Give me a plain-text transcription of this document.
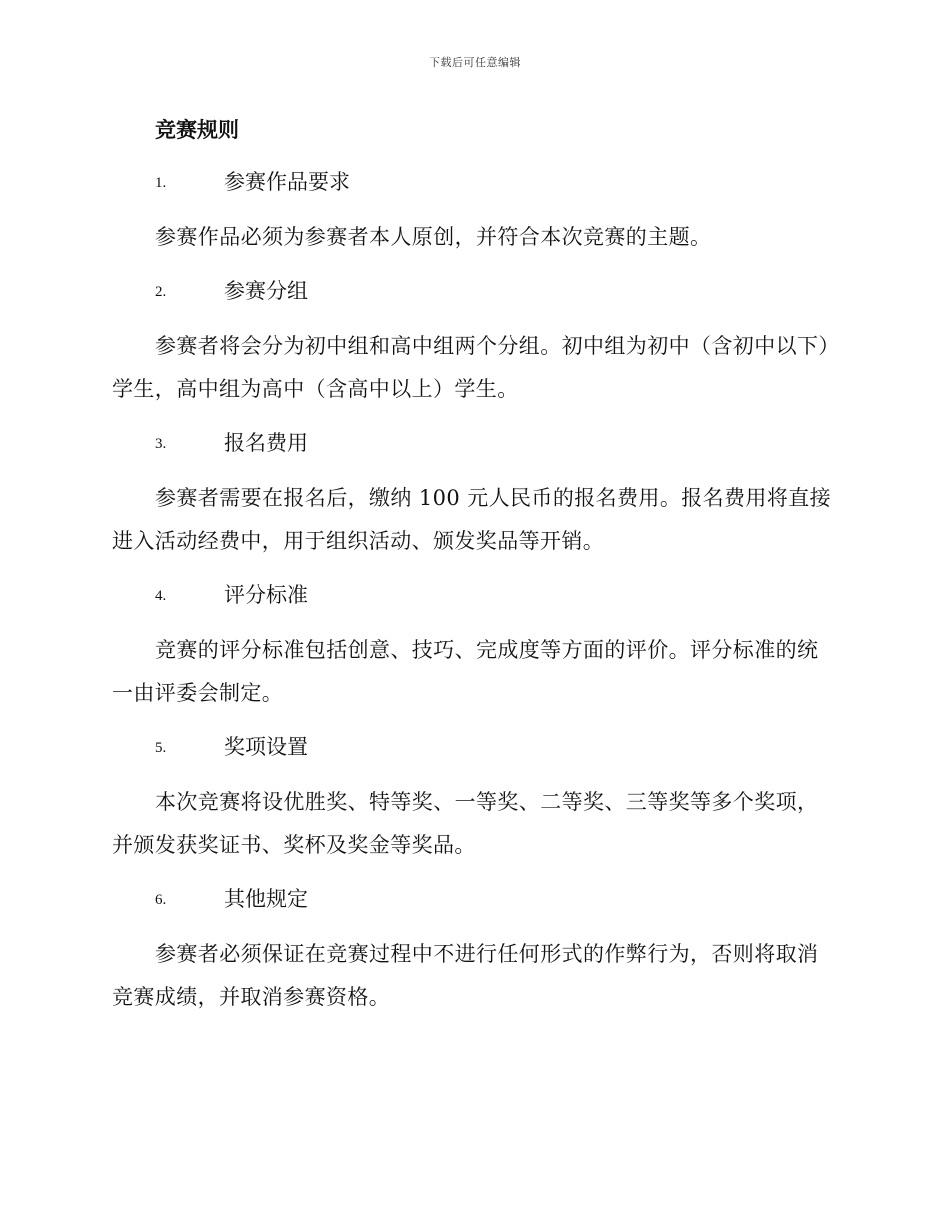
下载后可任意编辑
竞赛规则
1.	参赛作品要求

参赛作品必须为参赛者本人原创，并符合本次竞赛的主题。

2.	参赛分组

参赛者将会分为初中组和高中组两个分组。初中组为初中（含初中以下）学生，高中组为高中（含高中以上）学生。

3.	报名费用

参赛者需要在报名后，缴纳 100 元人民币的报名费用。报名费用将直接进入活动经费中，用于组织活动、颁发奖品等开销。

4.	评分标准

竞赛的评分标准包括创意、技巧、完成度等方面的评价。评分标准的统一由评委会制定。

5.	奖项设置

本次竞赛将设优胜奖、特等奖、一等奖、二等奖、三等奖等多个奖项，并颁发获奖证书、奖杯及奖金等奖品。

6.	其他规定

参赛者必须保证在竞赛过程中不进行任何形式的作弊行为，否则将取消竞赛成绩，并取消参赛资格。
